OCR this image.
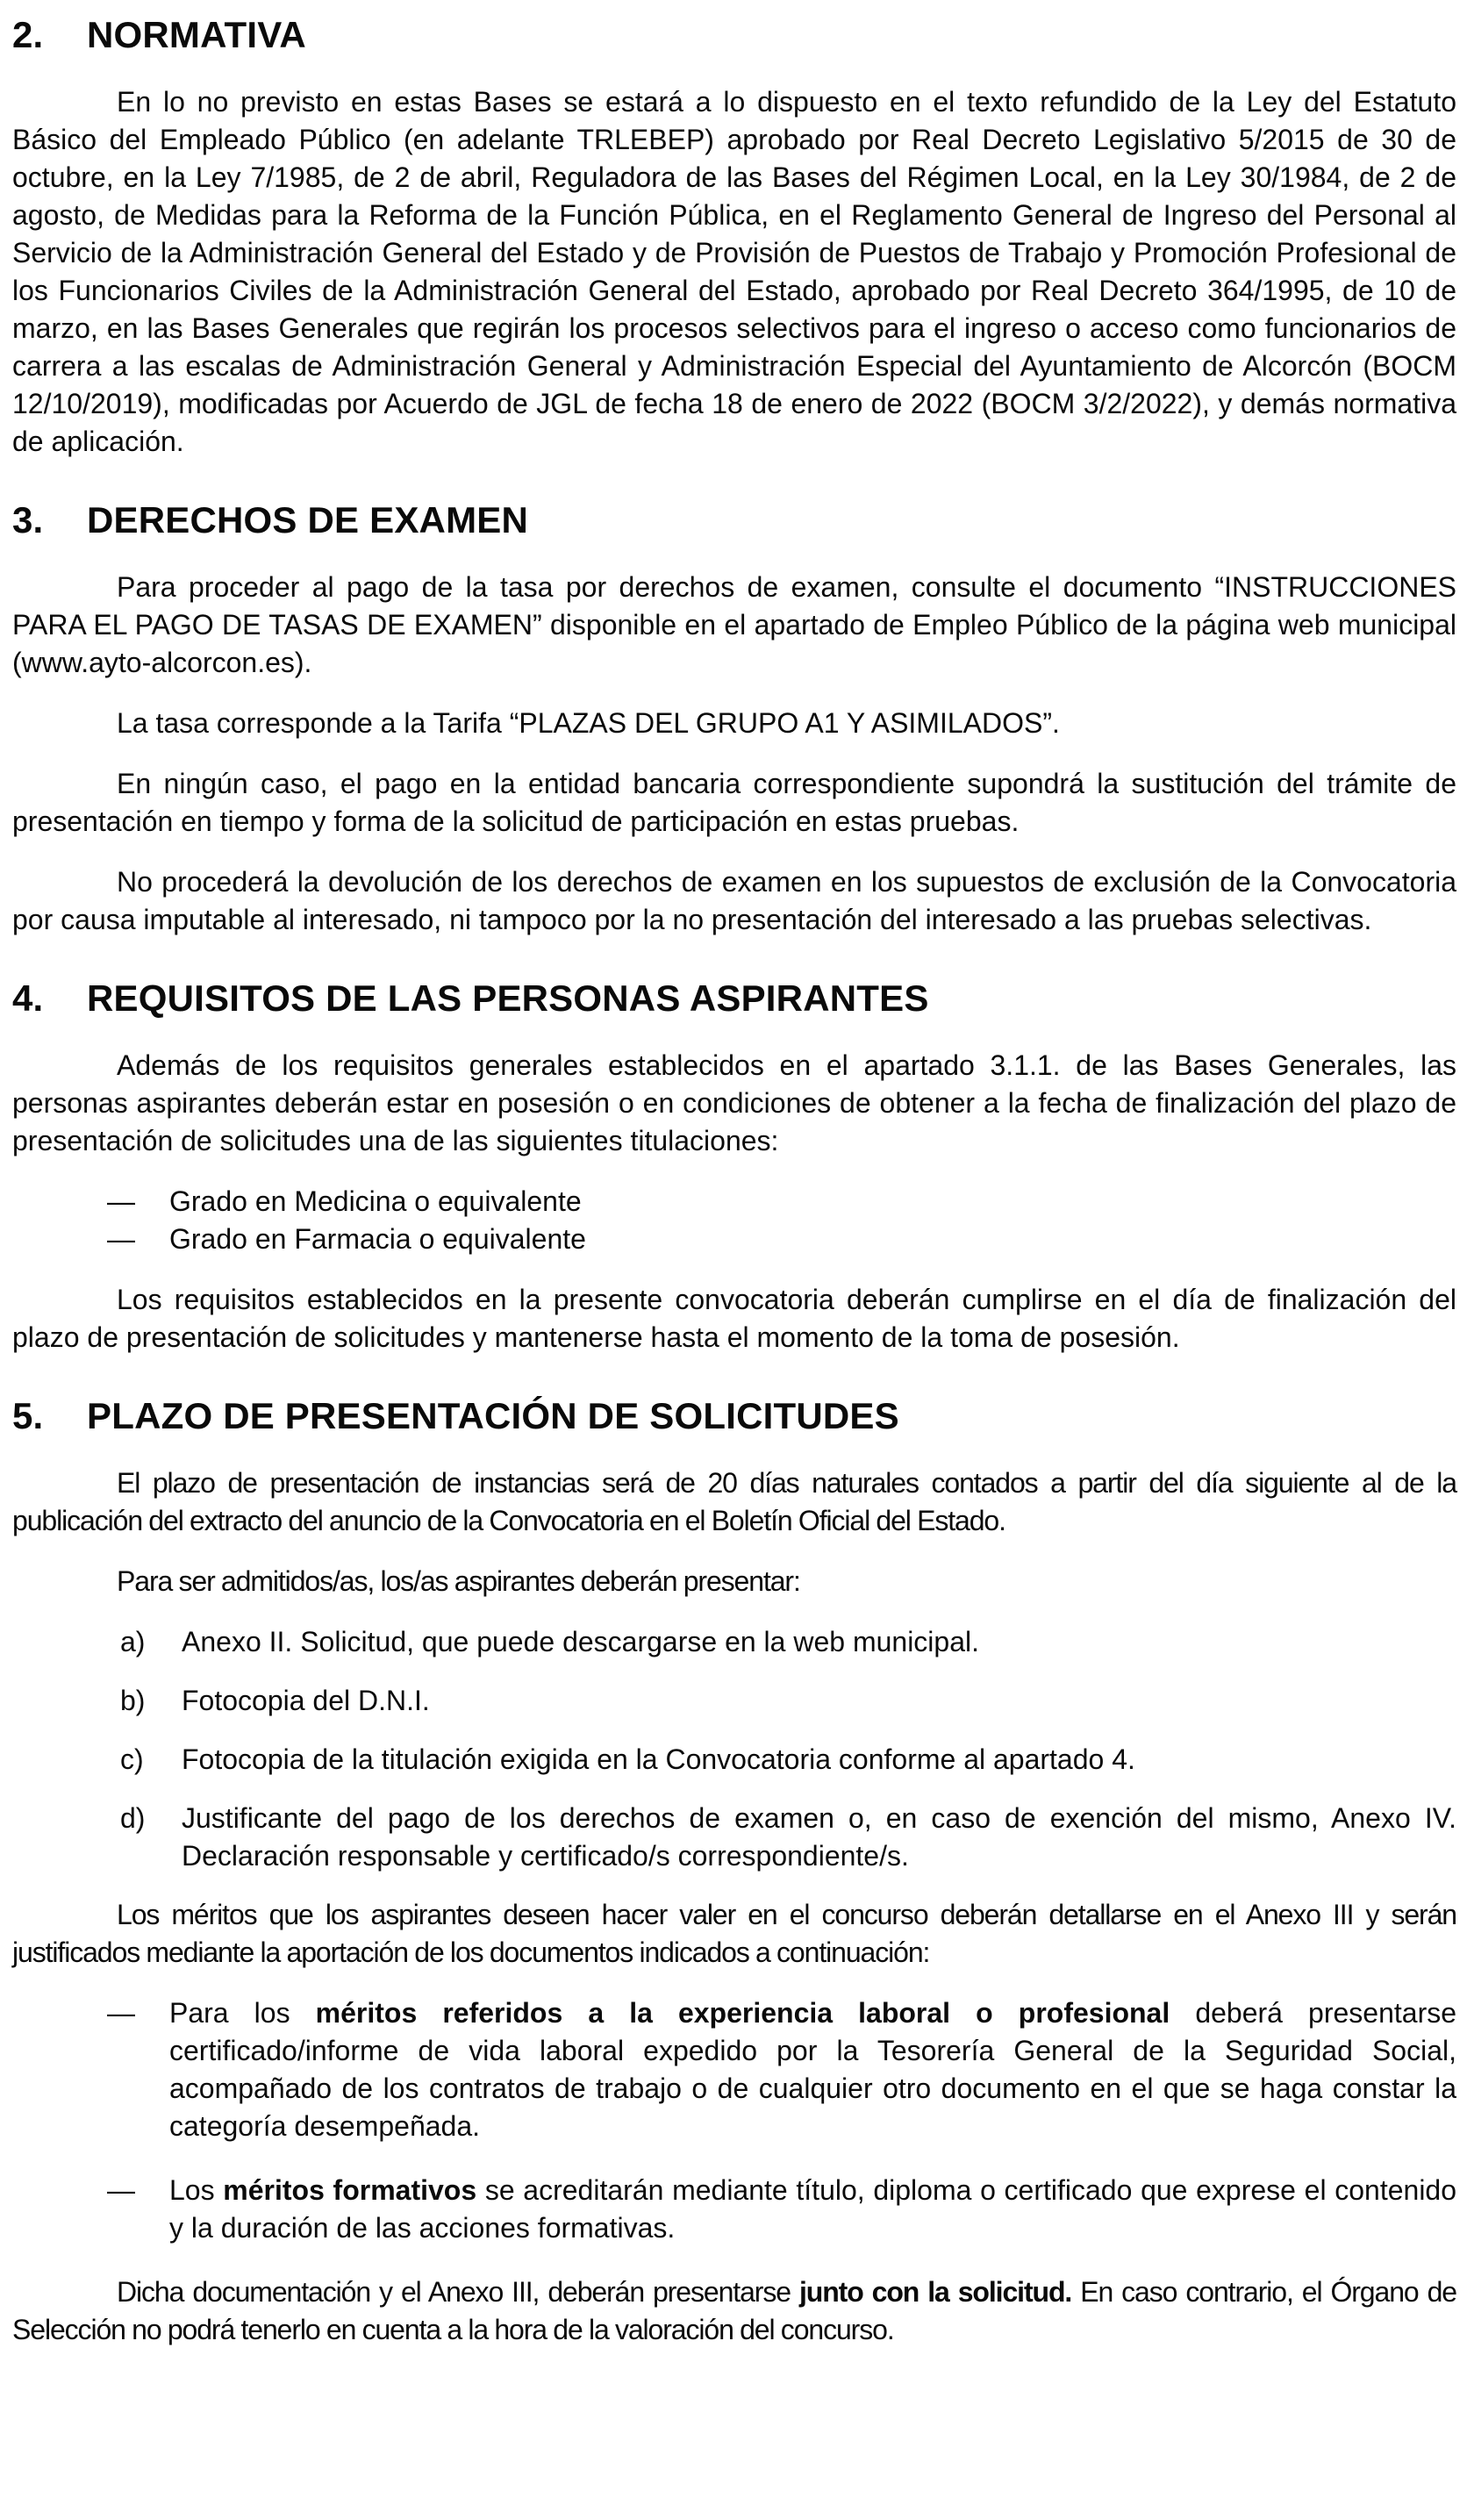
2. NORMATIVA

En lo no previsto en estas Bases se estará a lo dispuesto en el texto refundido de la Ley del Estatuto Básico del Empleado Público (en adelante TRLEBEP) aprobado por Real Decreto Legislativo 5/2015 de 30 de octubre, en la Ley 7/1985, de 2 de abril, Reguladora de las Bases del Régimen Local, en la Ley 30/1984, de 2 de agosto, de Medidas para la Reforma de la Función Pública, en el Reglamento General de Ingreso del Personal al Servicio de la Administración General del Estado y de Provisión de Puestos de Trabajo y Promoción Profesional de los Funcionarios Civiles de la Administración General del Estado, aprobado por Real Decreto 364/1995, de 10 de marzo, en las Bases Generales que regirán los procesos selectivos para el ingreso o acceso como funcionarios de carrera a las escalas de Administración General y Administración Especial del Ayuntamiento de Alcorcón (BOCM 12/10/2019), modificadas por Acuerdo de JGL de fecha 18 de enero de 2022 (BOCM 3/2/2022), y demás normativa de aplicación.

3. DERECHOS DE EXAMEN

Para proceder al pago de la tasa por derechos de examen, consulte el documento “INSTRUCCIONES PARA EL PAGO DE TASAS DE EXAMEN” disponible en el apartado de Empleo Público de la página web municipal (www.ayto-alcorcon.es).

La tasa corresponde a la Tarifa “PLAZAS DEL GRUPO A1 Y ASIMILADOS”.

En ningún caso, el pago en la entidad bancaria correspondiente supondrá la sustitución del trámite de presentación en tiempo y forma de la solicitud de participación en estas pruebas.

No procederá la devolución de los derechos de examen en los supuestos de exclusión de la Convocatoria por causa imputable al interesado, ni tampoco por la no presentación del interesado a las pruebas selectivas.

4. REQUISITOS DE LAS PERSONAS ASPIRANTES

Además de los requisitos generales establecidos en el apartado 3.1.1. de las Bases Generales, las personas aspirantes deberán estar en posesión o en condiciones de obtener a la fecha de finalización del plazo de presentación de solicitudes una de las siguientes titulaciones:

—	Grado en Medicina o equivalente
—	Grado en Farmacia o equivalente

Los requisitos establecidos en la presente convocatoria deberán cumplirse en el día de finalización del plazo de presentación de solicitudes y mantenerse hasta el momento de la toma de posesión.

5. PLAZO DE PRESENTACIÓN DE SOLICITUDES

El plazo de presentación de instancias será de 20 días naturales contados a partir del día siguiente al de la publicación del extracto del anuncio de la Convocatoria en el Boletín Oficial del Estado.

Para ser admitidos/as, los/as aspirantes deberán presentar:

a)	Anexo II. Solicitud, que puede descargarse en la web municipal.
b)	Fotocopia del D.N.I.
c)	Fotocopia de la titulación exigida en la Convocatoria conforme al apartado 4.
d)	Justificante del pago de los derechos de examen o, en caso de exención del mismo, Anexo IV. Declaración responsable y certificado/s correspondiente/s.

Los méritos que los aspirantes deseen hacer valer en el concurso deberán detallarse en el Anexo III y serán justificados mediante la aportación de los documentos indicados a continuación:

—	Para los méritos referidos a la experiencia laboral o profesional deberá presentarse certificado/informe de vida laboral expedido por la Tesorería General de la Seguridad Social, acompañado de los contratos de trabajo o de cualquier otro documento en el que se haga constar la categoría desempeñada.
—	Los méritos formativos se acreditarán mediante título, diploma o certificado que exprese el contenido y la duración de las acciones formativas.

Dicha documentación y el Anexo III, deberán presentarse junto con la solicitud. En caso contrario, el Órgano de Selección no podrá tenerlo en cuenta a la hora de la valoración del concurso.
